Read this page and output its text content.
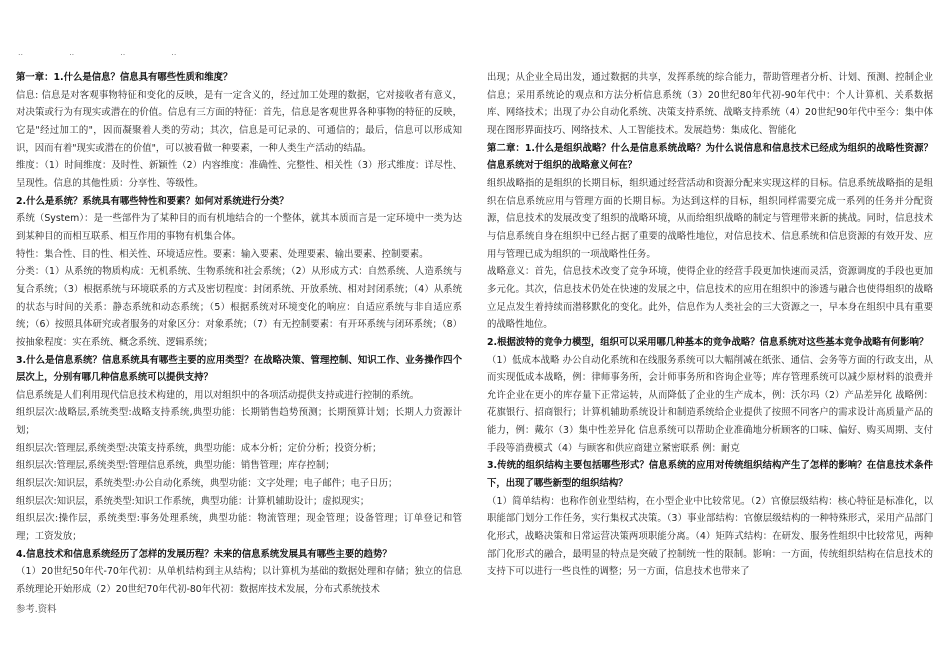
..	..	..	..

第一章：1.什么是信息？信息具有哪些性质和维度？

信息: 信息是对客观事物特征和变化的反映，是有一定含义的，经过加工处理的数据，它对接收者有意义，对决策或行为有现实或潜在的价值。信息有三方面的特征：首先，信息是客观世界各种事物的特征的反映，它是"经过加工的"，因而凝聚着人类的劳动；其次，信息是可记录的、可通信的；最后，信息可以形成知识，因而有着"现实或潜在的价值"，可以被看做一种要素，一种人类生产活动的结晶。

维度：（1）时间维度：及时性、新颖性（2）内容维度：准确性、完整性、相关性（3）形式维度：详尽性、呈现性。信息的其他性质：分享性、等级性。

2.什么是系统？系统具有哪些特性和要素？如何对系统进行分类？

系统（System）：是一些部件为了某种目的而有机地结合的一个整体，就其本质而言是一定环境中一类为达到某种目的而相互联系、相互作用的事物有机集合体。

特性：集合性、目的性、相关性、环境适应性。要素：输入要素、处理要素、输出要素、控制要素。

分类：（1）从系统的物质构成：无机系统、生物系统和社会系统；（2）从形成方式：自然系统、人造系统与复合系统；（3）根据系统与环境联系的方式及密切程度：封闭系统、开放系统、相对封闭系统；（4）从系统的状态与时间的关系：静态系统和动态系统；（5）根据系统对环境变化的响应：自适应系统与非自适应系统；（6）按照具体研究或者服务的对象区分：对象系统；（7）有无控制要素：有开环系统与闭环系统；（8）按抽象程度：实在系统、概念系统、逻辑系统；

3.什么是信息系统？信息系统具有哪些主要的应用类型？在战略决策、管理控制、知识工作、业务操作四个层次上，分别有哪几种信息系统可以提供支持？

信息系统是人们利用现代信息技术构建的，用以对组织中的各项活动提供支持或进行控制的系统。

组织层次:战略层,系统类型:战略支持系统,典型功能：长期销售趋势预测；长期预算计划；长期人力资源计划；

组织层次:管理层,系统类型:决策支持系统，典型功能：成本分析；定价分析；投资分析；

组织层次:管理层,系统类型:管理信息系统，典型功能：销售管理；库存控制；

组织层次:知识层，系统类型:办公自动化系统，典型功能：文字处理；电子邮件；电子日历；

组织层次:知识层，系统类型:知识工作系统，典型功能：计算机辅助设计；虚拟现实；

组织层次:操作层，系统类型:事务处理系统，典型功能：物流管理；现金管理；设备管理；订单登记和管理；工资发放；

4.信息技术和信息系统经历了怎样的发展历程？未来的信息系统发展具有哪些主要的趋势？

（1）20世纪50年代-70年代初：从单机结构到主从结构；以计算机为基础的数据处理和存储；独立的信息系统理论开始形成（2）20世纪70年代初-80年代初：数据库技术发展，分布式系统技术

出现；从企业全局出发，通过数据的共享，发挥系统的综合能力，帮助管理者分析、计划、预测、控制企业信息；采用系统论的观点和方法分析信息系统（3）20世纪80年代初-90年代中：个人计算机、关系数据库、网络技术；出现了办公自动化系统、决策支持系统、战略支持系统（4）20世纪90年代中至今：集中体现在图形界面技巧、网络技术、人工智能技术。发展趋势：集成化、智能化

第二章：1.什么是组织战略？什么是信息系统战略？为什么说信息和信息技术已经成为组织的战略性资源？信息系统对于组织的战略意义何在？

组织战略指的是组织的长期目标，组织通过经营活动和资源分配来实现这样的目标。信息系统战略指的是组织在信息系统应用与管理方面的长期目标。为达到这样的目标，组织同样需要完成一系列的任务并分配资源，信息技术的发展改变了组织的战略环境，从而给组织战略的制定与管理带来新的挑战。同时，信息技术与信息系统自身在组织中已经占据了重要的战略性地位，对信息技术、信息系统和信息资源的有效开发、应用与管理已成为组织的一项战略性任务。

战略意义：首先，信息技术改变了竞争环境，使得企业的经营手段更加快速而灵活，资源调度的手段也更加多元化。其次，信息技术仍处在快速的发展之中，信息技术的应用在组织中的渗透与融合也使得组织的战略立足点发生着持续而潜移默化的变化。此外，信息作为人类社会的三大资源之一，早本身在组织中具有重要的战略性地位。

2.根据波特的竞争力模型，组织可以采用哪几种基本的竞争战略？信息系统对这些基本竞争战略有何影响？

（1）低成本战略 办公自动化系统和在线服务系统可以大幅削减在纸张、通信、会务等方面的行政支出，从而实现低成本战略，例：律师事务所，会计师事务所和咨询企业等；库存管理系统可以减少原材料的浪费并允许企业在更小的库存量下正常运转，从而降低了企业的生产成本，例：沃尔玛（2）产品差异化 战略例：花旗银行、招商银行；计算机辅助系统设计和制造系统给企业提供了按照不同客户的需求设计高质量产品的能力，例：戴尔（3）集中性差异化 信息系统可以帮助企业准确地分析顾客的口味、偏好、购买周期、支付手段等消费模式（4）与顾客和供应商建立紧密联系 例：耐克

3.传统的组织结构主要包括哪些形式？信息系统的应用对传统组织结构产生了怎样的影响？在信息技术条件下，出现了哪些新型的组织结构？

（1）简单结构：也称作创业型结构，在小型企业中比较常见。（2）官僚层级结构：核心特征是标准化，以职能部门划分工作任务，实行集权式决策。（3）事业部结构：官僚层级结构的一种特殊形式，采用产品部门化形式，战略决策和日常运营决策两项职能分离。（4）矩阵式结构：在研发、服务性组织中比较常见，两种部门化形式的融合，最明显的特点是突破了控制统一性的限制。影响：一方面，传统组织结构在信息技术的支持下可以进行一些良性的调整；另一方面，信息技术也带来了

参考.资料
